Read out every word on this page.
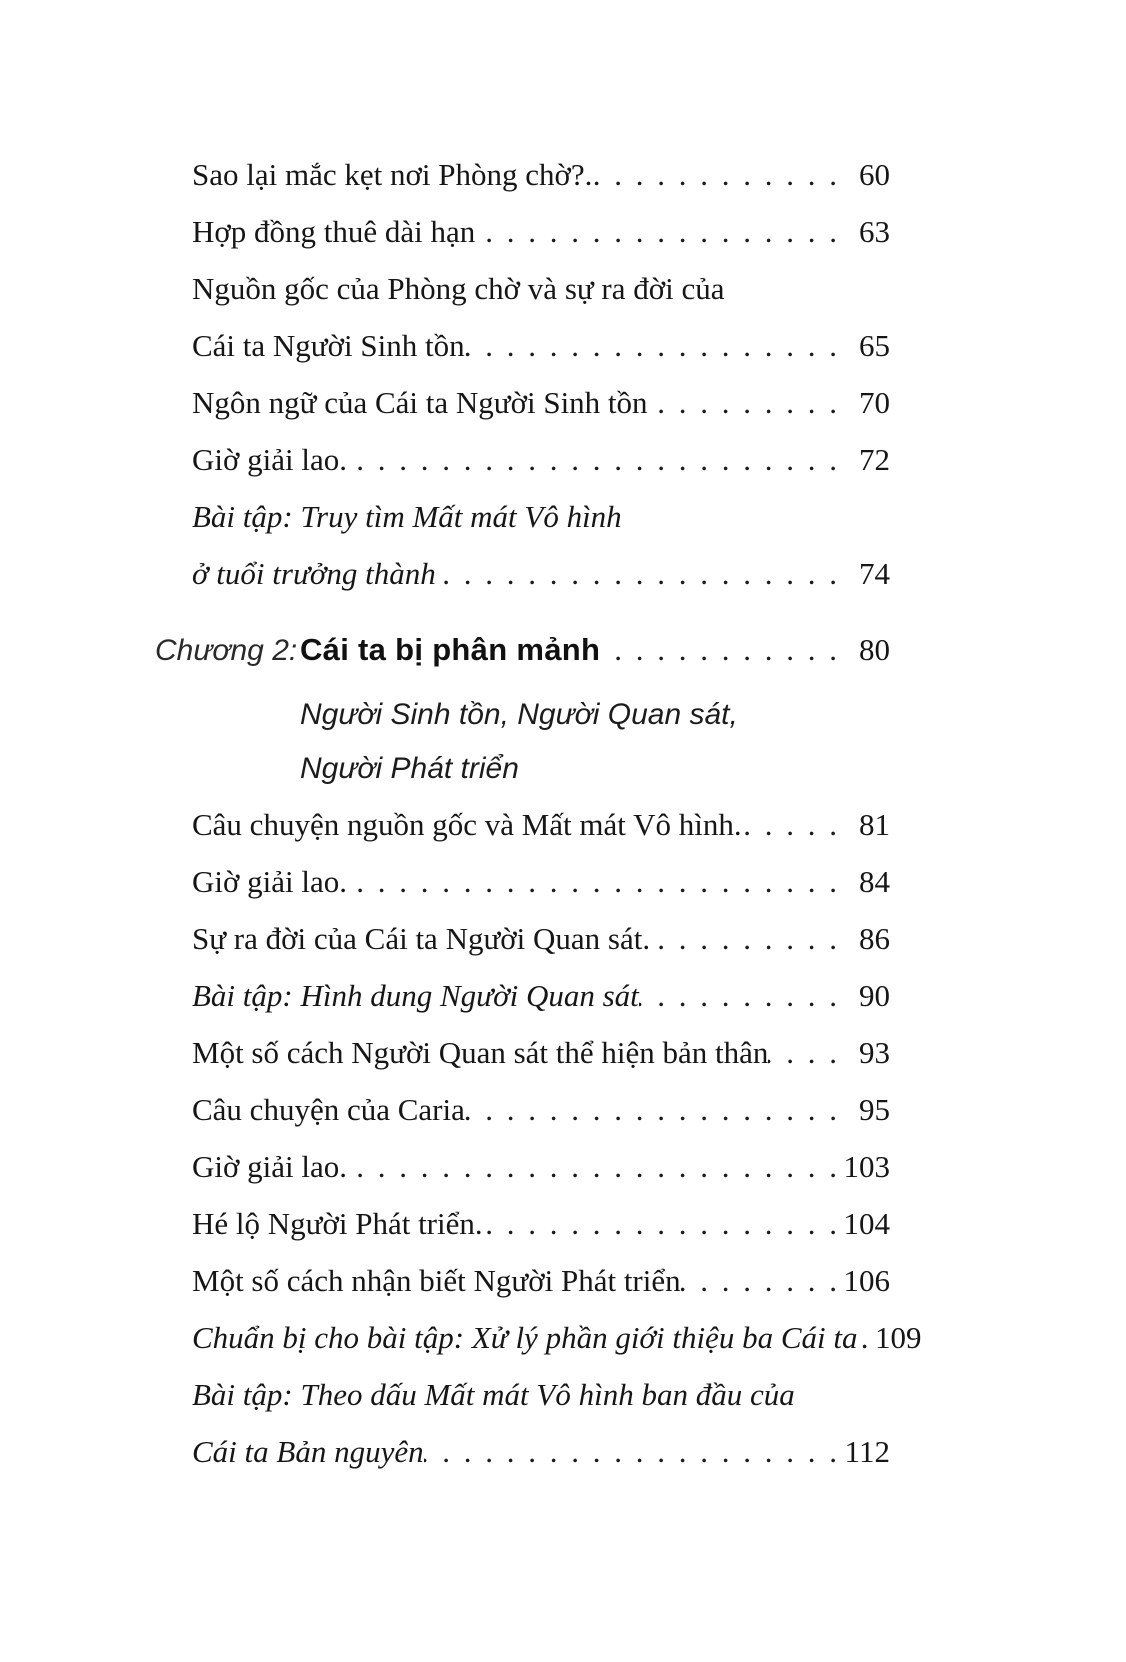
Sao lại mắc kẹt nơi Phòng chờ?. . . .	60
Hợp đồng thuê dài hạn . . .	63
Nguồn gốc của Phòng chờ và sự ra đời của
Cái ta Người Sinh tồn . . .	65
Ngôn ngữ của Cái ta Người Sinh tồn . . .	70
Giờ giải lao. . . .	72
Bài tập: Truy tìm Mất mát Vô hình
ở tuổi trưởng thành . . .	74
Chương 2: Cái ta bị phân mảnh . . .	80
Người Sinh tồn, Người Quan sát,
Người Phát triển
Câu chuyện nguồn gốc và Mất mát Vô hình. . . .	81
Giờ giải lao. . . .	84
Sự ra đời của Cái ta Người Quan sát. . . .	86
Bài tập: Hình dung Người Quan sát . . .	90
Một số cách Người Quan sát thể hiện bản thân . . .	93
Câu chuyện của Caria . . .	95
Giờ giải lao. . . .	103
Hé lộ Người Phát triển. . . .	104
Một số cách nhận biết Người Phát triển . . .	106
Chuẩn bị cho bài tập: Xử lý phần giới thiệu ba Cái ta . . . 109
Bài tập: Theo dấu Mất mát Vô hình ban đầu của
Cái ta Bản nguyên . . .	112
